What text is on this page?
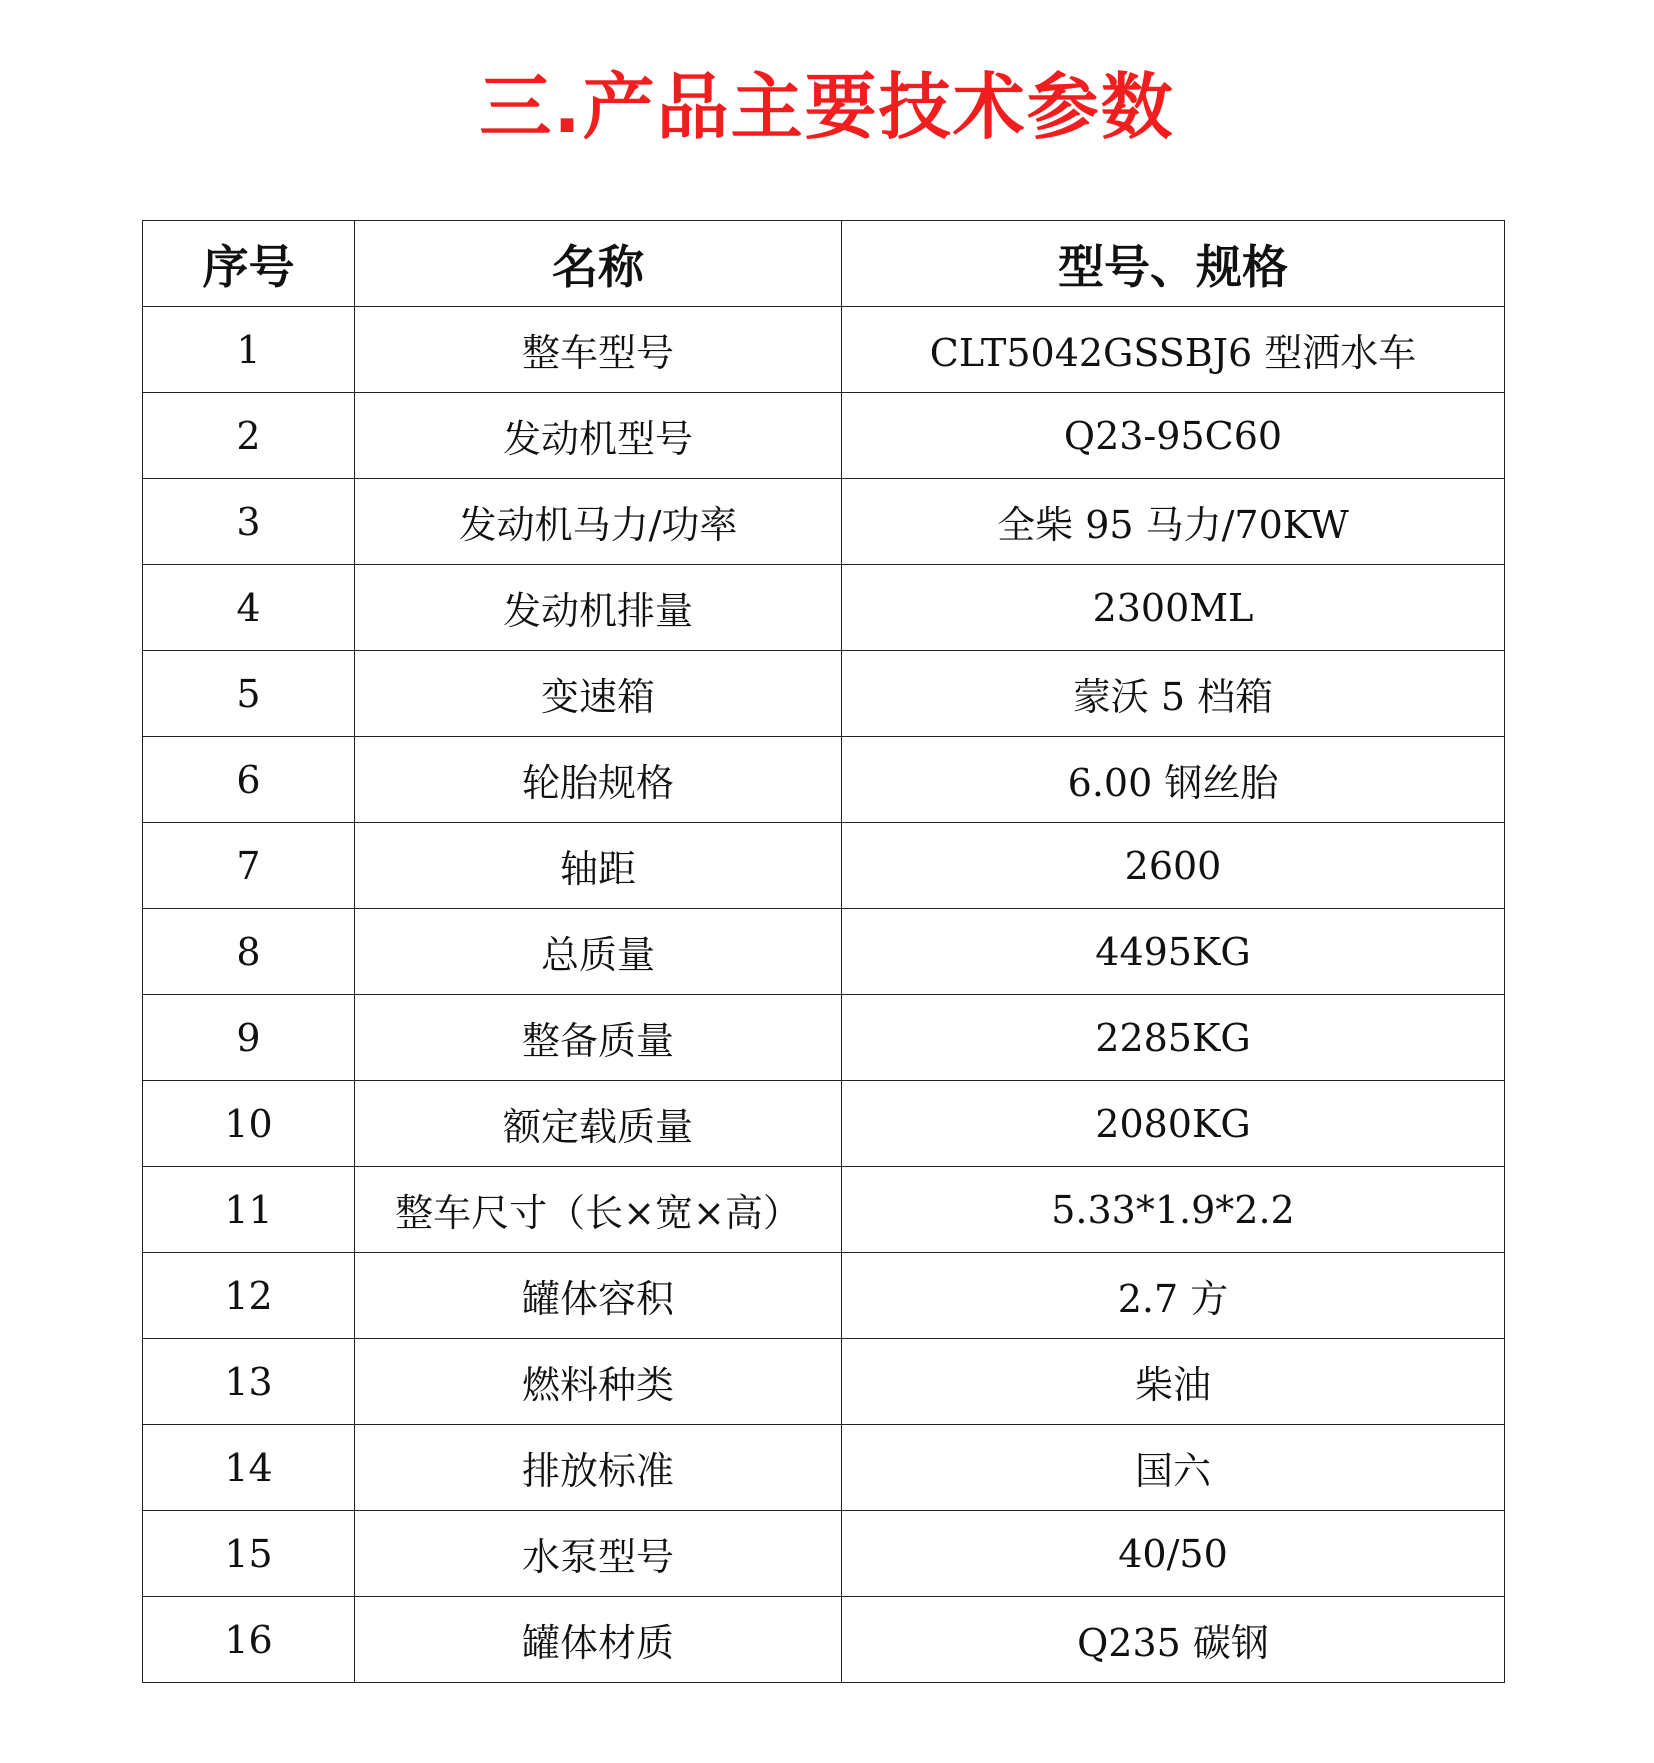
三.产品主要技术参数
序号	名称	型号、规格
1	整车型号	CLT5042GSSBJ6 型洒水车
2	发动机型号	Q23-95C60
3	发动机马力/功率	全柴 95 马力/70KW
4	发动机排量	2300ML
5	变速箱	蒙沃 5 档箱
6	轮胎规格	6.00 钢丝胎
7	轴距	2600
8	总质量	4495KG
9	整备质量	2285KG
10	额定载质量	2080KG
11	整车尺寸（长×宽×高）	5.33*1.9*2.2
12	罐体容积	2.7 方
13	燃料种类	柴油
14	排放标准	国六
15	水泵型号	40/50
16	罐体材质	Q235 碳钢
